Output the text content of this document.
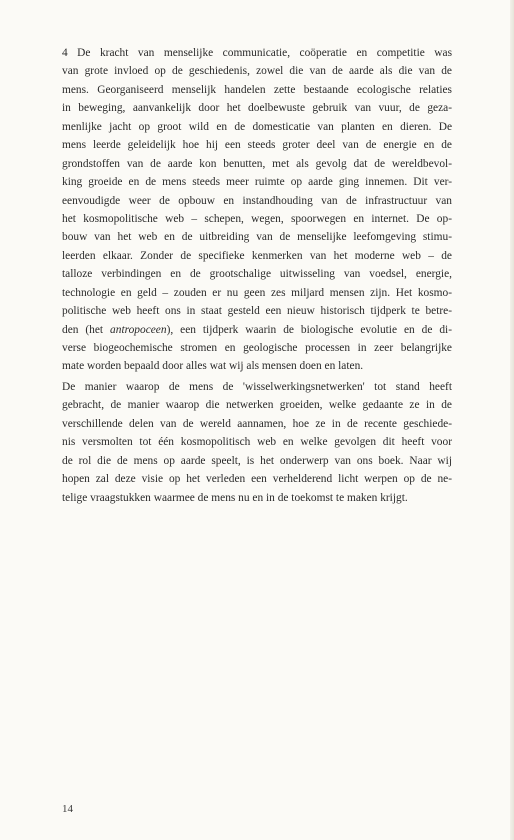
4 De kracht van menselijke communicatie, coöperatie en competitie was
van grote invloed op de geschiedenis, zowel die van de aarde als die van de
mens. Georganiseerd menselijk handelen zette bestaande ecologische relaties
in beweging, aanvankelijk door het doelbewuste gebruik van vuur, de geza-
menlijke jacht op groot wild en de domesticatie van planten en dieren. De
mens leerde geleidelijk hoe hij een steeds groter deel van de energie en de
grondstoffen van de aarde kon benutten, met als gevolg dat de wereldbevol-
king groeide en de mens steeds meer ruimte op aarde ging innemen. Dit ver-
eenvoudigde weer de opbouw en instandhouding van de infrastructuur van
het kosmopolitische web – schepen, wegen, spoorwegen en internet. De op-
bouw van het web en de uitbreiding van de menselijke leefomgeving stimu-
leerden elkaar. Zonder de specifieke kenmerken van het moderne web – de
talloze verbindingen en de grootschalige uitwisseling van voedsel, energie,
technologie en geld – zouden er nu geen zes miljard mensen zijn. Het kosmo-
politische web heeft ons in staat gesteld een nieuw historisch tijdperk te betre-
den (het antropoceen), een tijdperk waarin de biologische evolutie en de di-
verse biogeochemische stromen en geologische processen in zeer belangrijke
mate worden bepaald door alles wat wij als mensen doen en laten.
De manier waarop de mens de 'wisselwerkingsnetwerken' tot stand heeft
gebracht, de manier waarop die netwerken groeiden, welke gedaante ze in de
verschillende delen van de wereld aannamen, hoe ze in de recente geschiede-
nis versmolten tot één kosmopolitisch web en welke gevolgen dit heeft voor
de rol die de mens op aarde speelt, is het onderwerp van ons boek. Naar wij
hopen zal deze visie op het verleden een verhelderend licht werpen op de ne-
telige vraagstukken waarmee de mens nu en in de toekomst te maken krijgt.
14
